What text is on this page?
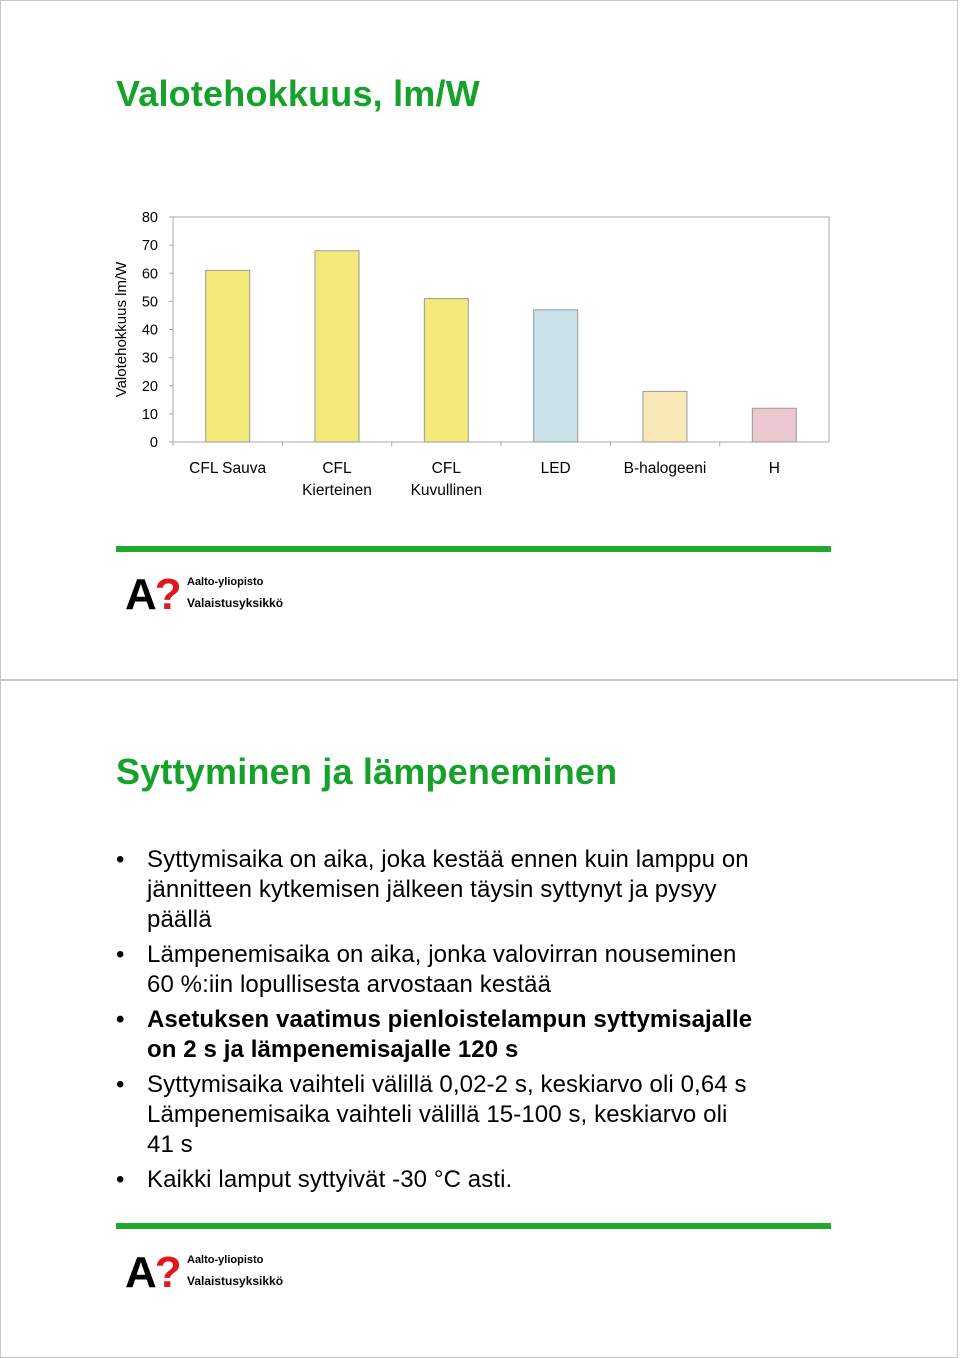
Valotehokkuus, lm/W
0
10
20
30
40
50
60
70
80
Valotehokkuus lm/W
CFL Sauva	CFL
Kierteinen
CFL
Kuvullinen
LED	B-halogeeni	H
A? Aalto-yliopisto
Valaistusyksikkö
Syttyminen ja lämpeneminen
• Syttymisaika on aika, joka kestää ennen kuin lamppu on
jännitteen kytkemisen jälkeen täysin syttynyt ja pysyy
päällä
• Lämpenemisaika on aika, jonka valovirran nouseminen
60 %:iin lopullisesta arvostaan kestää
• Asetuksen vaatimus pienloistelampun syttymisajalle
on 2 s ja lämpenemisajalle 120 s
• Syttymisaika vaihteli välillä 0,02-2 s, keskiarvo oli 0,64 s
Lämpenemisaika vaihteli välillä 15-100 s, keskiarvo oli
41 s
• Kaikki lamput syttyivät -30 °C asti.
A? Aalto-yliopisto
Valaistusyksikkö
